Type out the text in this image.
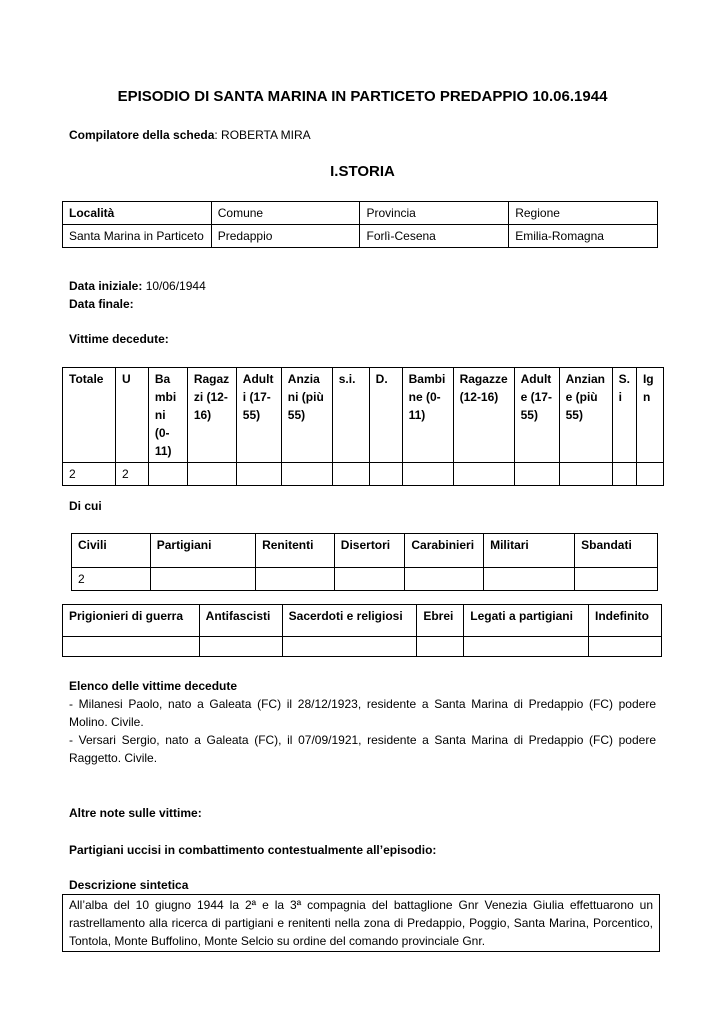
EPISODIO DI SANTA MARINA IN PARTICETO PREDAPPIO 10.06.1944
Compilatore della scheda: ROBERTA MIRA
I.STORIA
Località	Comune	Provincia	Regione
Santa Marina in Particeto	Predappio	Forlì-Cesena	Emilia-Romagna
Data iniziale: 10/06/1944
Data finale:
Vittime decedute:
Totale	U	Ba mbi ni (0- 11)	Ragaz zi (12- 16)	Adult i (17- 55)	Anzia ni (più 55)	s.i.	D.	Bambi ne (0- 11)	Ragazze (12-16)	Adult e (17- 55)	Anzian e (più 55)	S. i	Ig n
2	2												
Di cui
Civili	Partigiani	Renitenti	Disertori	Carabinieri	Militari	Sbandati
2						
Prigionieri di guerra	Antifascisti	Sacerdoti e religiosi	Ebrei	Legati a partigiani	Indefinito

Elenco delle vittime decedute
- Milanesi Paolo, nato a Galeata (FC) il 28/12/1923, residente a Santa Marina di Predappio (FC) podere Molino. Civile.
- Versari Sergio, nato a Galeata (FC), il 07/09/1921, residente a Santa Marina di Predappio (FC) podere Raggetto. Civile.
Altre note sulle vittime:
Partigiani uccisi in combattimento contestualmente all’episodio:
Descrizione sintetica
All’alba del 10 giugno 1944 la 2ª e la 3ª compagnia del battaglione Gnr Venezia Giulia effettuarono un rastrellamento alla ricerca di partigiani e renitenti nella zona di Predappio, Poggio, Santa Marina, Porcentico, Tontola, Monte Buffolino, Monte Selcio su ordine del comando provinciale Gnr.
